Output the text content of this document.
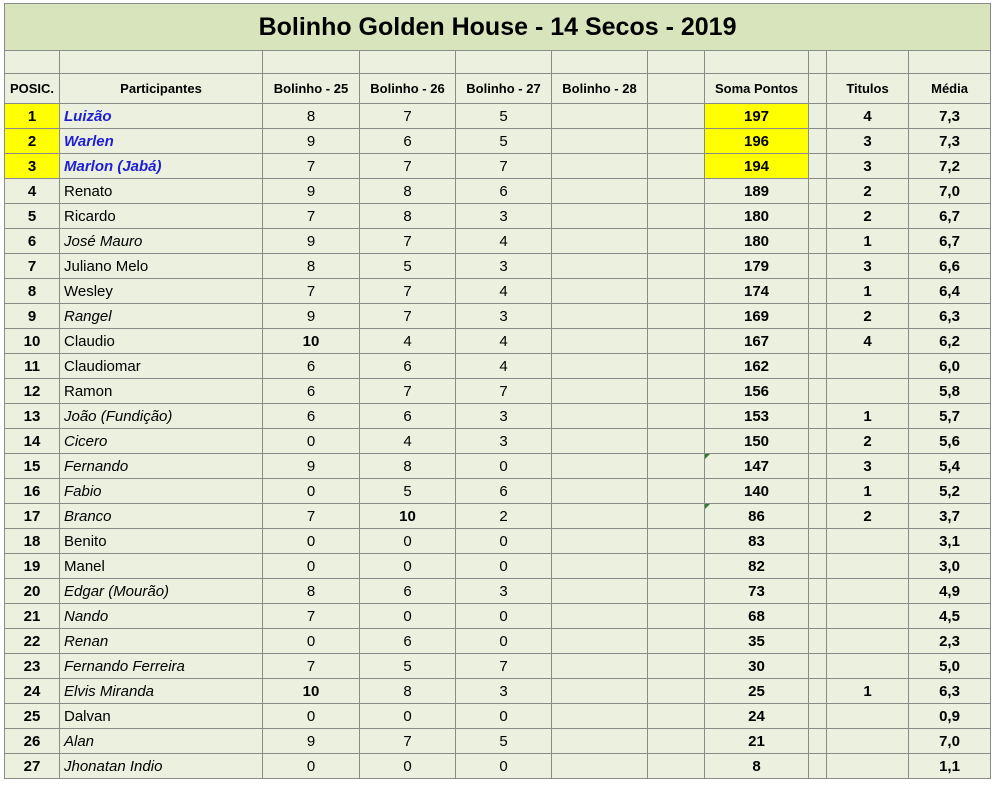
Bolinho Golden House - 14 Secos - 2019										

POSIC.	Participantes	Bolinho - 25	Bolinho - 26	Bolinho - 27	Bolinho - 28		Soma Pontos		Titulos	Média
1	Luizão	8	7	5			197		4	7,3
2	Warlen	9	6	5			196		3	7,3
3	Marlon (Jabá)	7	7	7			194		3	7,2
4	Renato	9	8	6			189		2	7,0
5	Ricardo	7	8	3			180		2	6,7
6	José Mauro	9	7	4			180		1	6,7
7	Juliano Melo	8	5	3			179		3	6,6
8	Wesley	7	7	4			174		1	6,4
9	Rangel	9	7	3			169		2	6,3
10	Claudio	10	4	4			167		4	6,2
11	Claudiomar	6	6	4			162			6,0
12	Ramon	6	7	7			156			5,8
13	João (Fundição)	6	6	3			153		1	5,7
14	Cicero	0	4	3			150		2	5,6
15	Fernando	9	8	0			147		3	5,4
16	Fabio	0	5	6			140		1	5,2
17	Branco	7	10	2			86		2	3,7
18	Benito	0	0	0			83			3,1
19	Manel	0	0	0			82			3,0
20	Edgar (Mourão)	8	6	3			73			4,9
21	Nando	7	0	0			68			4,5
22	Renan	0	6	0			35			2,3
23	Fernando Ferreira	7	5	7			30			5,0
24	Elvis Miranda	10	8	3			25		1	6,3
25	Dalvan	0	0	0			24			0,9
26	Alan	9	7	5			21			7,0
27	Jhonatan Indio	0	0	0			8			1,1
